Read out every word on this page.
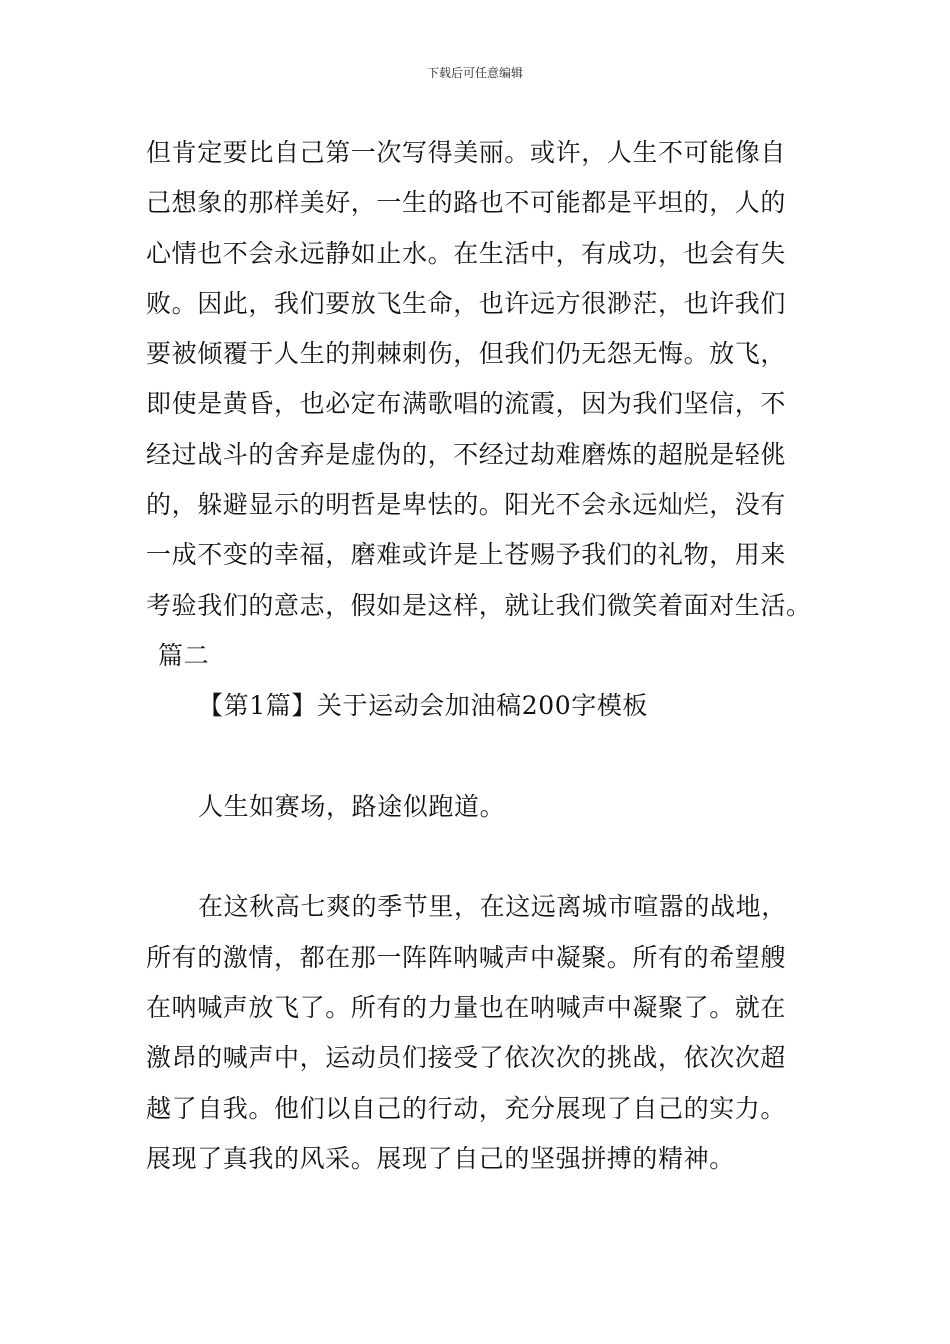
下载后可任意编辑
但肯定要比自己第一次写得美丽。或许，人生不可能像自
己想象的那样美好，一生的路也不可能都是平坦的，人的
心情也不会永远静如止水。在生活中，有成功，也会有失
败。因此，我们要放飞生命，也许远方很渺茫，也许我们
要被倾覆于人生的荆棘刺伤，但我们仍无怨无悔。放飞，
即使是黄昏，也必定布满歌唱的流霞，因为我们坚信，不
经过战斗的舍弃是虚伪的，不经过劫难磨炼的超脱是轻佻
的，躲避显示的明哲是卑怯的。阳光不会永远灿烂，没有
一成不变的幸福，磨难或许是上苍赐予我们的礼物，用来
考验我们的意志，假如是这样，就让我们微笑着面对生活。
篇二
【第1篇】关于运动会加油稿200字模板
人生如赛场，路途似跑道。
在这秋高七爽的季节里，在这远离城市喧嚣的战地，
所有的激情，都在那一阵阵呐喊声中凝聚。所有的希望艘
在呐喊声放飞了。所有的力量也在呐喊声中凝聚了。就在
激昂的喊声中，运动员们接受了依次次的挑战，依次次超
越了自我。他们以自己的行动，充分展现了自己的实力。
展现了真我的风采。展现了自己的坚强拼搏的精神。
